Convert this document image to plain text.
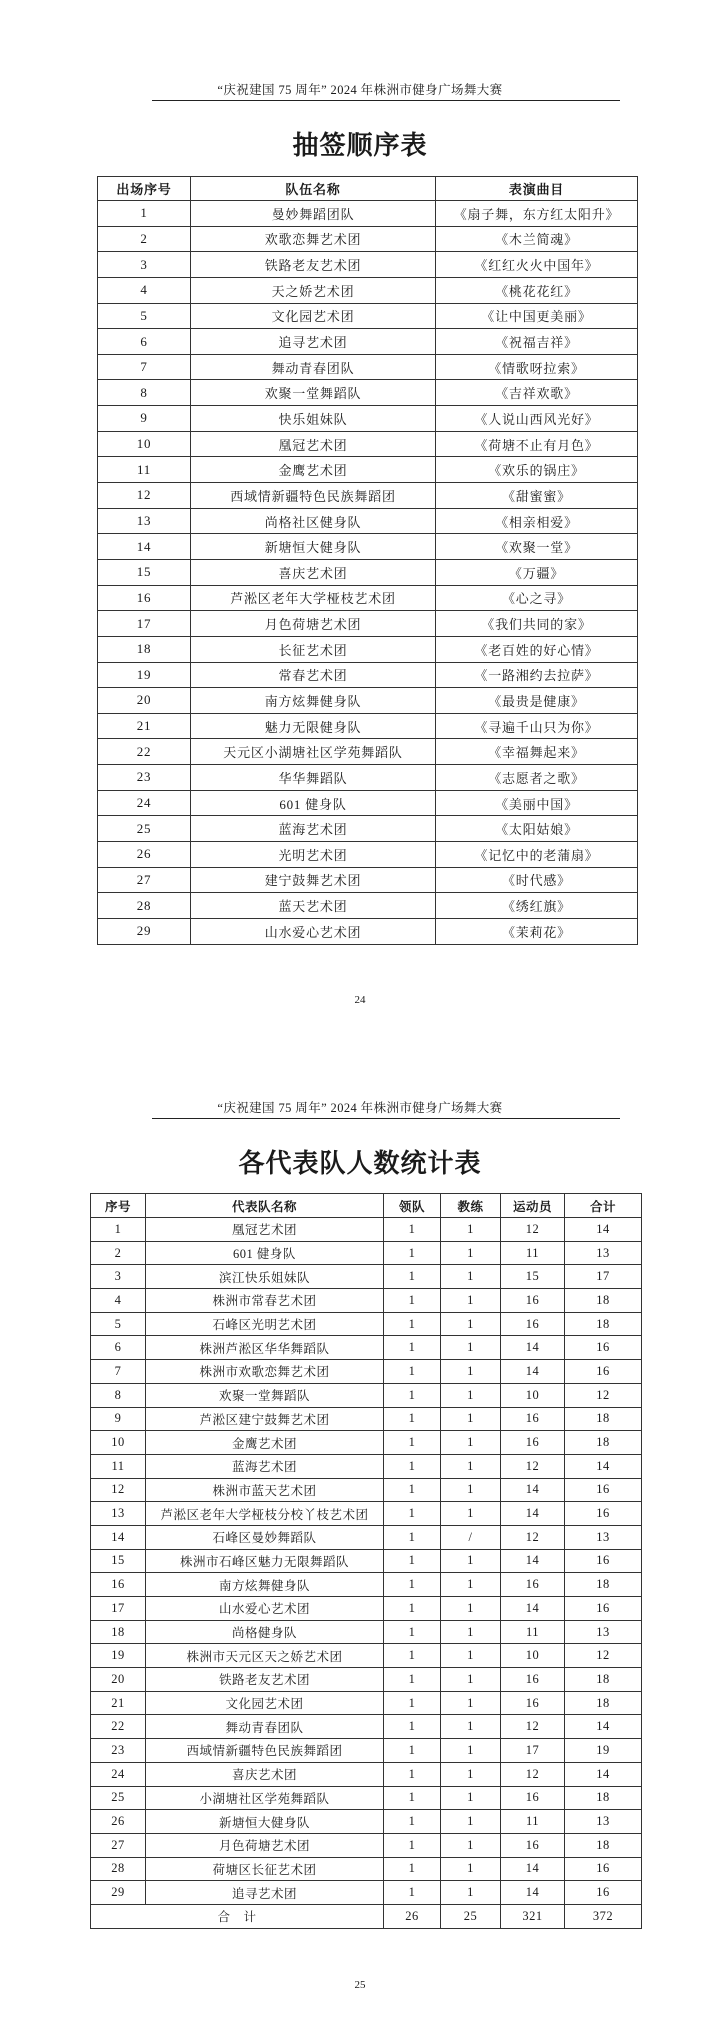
“庆祝建国 75 周年” 2024 年株洲市健身广场舞大赛
抽签顺序表
出场序号	队伍名称	表演曲目
1	曼妙舞蹈团队	《扇子舞，东方红太阳升》
2	欢歌恋舞艺术团	《木兰简魂》
3	铁路老友艺术团	《红红火火中国年》
4	天之娇艺术团	《桃花花红》
5	文化园艺术团	《让中国更美丽》
6	追寻艺术团	《祝福吉祥》
7	舞动青春团队	《情歌呀拉索》
8	欢聚一堂舞蹈队	《吉祥欢歌》
9	快乐姐妹队	《人说山西风光好》
10	凰冠艺术团	《荷塘不止有月色》
11	金鹰艺术团	《欢乐的锅庄》
12	西域情新疆特色民族舞蹈团	《甜蜜蜜》
13	尚格社区健身队	《相亲相爱》
14	新塘恒大健身队	《欢聚一堂》
15	喜庆艺术团	《万疆》
16	芦淞区老年大学桠枝艺术团	《心之寻》
17	月色荷塘艺术团	《我们共同的家》
18	长征艺术团	《老百姓的好心情》
19	常春艺术团	《一路湘约去拉萨》
20	南方炫舞健身队	《最贵是健康》
21	魅力无限健身队	《寻遍千山只为你》
22	天元区小湖塘社区学苑舞蹈队	《幸福舞起来》
23	华华舞蹈队	《志愿者之歌》
24	601 健身队	《美丽中国》
25	蓝海艺术团	《太阳姑娘》
26	光明艺术团	《记忆中的老蒲扇》
27	建宁鼓舞艺术团	《时代感》
28	蓝天艺术团	《绣红旗》
29	山水爱心艺术团	《茉莉花》
24
“庆祝建国 75 周年” 2024 年株洲市健身广场舞大赛
各代表队人数统计表
序号	代表队名称	领队	教练	运动员	合计
1	凰冠艺术团	1	1	12	14
2	601 健身队	1	1	11	13
3	滨江快乐姐妹队	1	1	15	17
4	株洲市常春艺术团	1	1	16	18
5	石峰区光明艺术团	1	1	16	18
6	株洲芦淞区华华舞蹈队	1	1	14	16
7	株洲市欢歌恋舞艺术团	1	1	14	16
8	欢聚一堂舞蹈队	1	1	10	12
9	芦淞区建宁鼓舞艺术团	1	1	16	18
10	金鹰艺术团	1	1	16	18
11	蓝海艺术团	1	1	12	14
12	株洲市蓝天艺术团	1	1	14	16
13	芦淞区老年大学桠枝分校丫枝艺术团	1	1	14	16
14	石峰区曼妙舞蹈队	1	/	12	13
15	株洲市石峰区魅力无限舞蹈队	1	1	14	16
16	南方炫舞健身队	1	1	16	18
17	山水爱心艺术团	1	1	14	16
18	尚格健身队	1	1	11	13
19	株洲市天元区天之娇艺术团	1	1	10	12
20	铁路老友艺术团	1	1	16	18
21	文化园艺术团	1	1	16	18
22	舞动青春团队	1	1	12	14
23	西域情新疆特色民族舞蹈团	1	1	17	19
24	喜庆艺术团	1	1	12	14
25	小湖塘社区学苑舞蹈队	1	1	16	18
26	新塘恒大健身队	1	1	11	13
27	月色荷塘艺术团	1	1	16	18
28	荷塘区长征艺术团	1	1	14	16
29	追寻艺术团	1	1	14	16
合　计		26	25	321	372
25
